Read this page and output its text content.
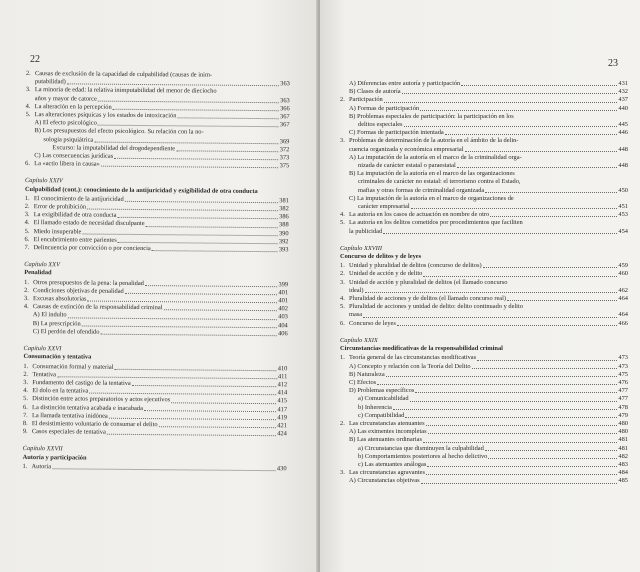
22
2. Causas de exclusión de la capacidad de culpabilidad (causas de inim-
putabilidad)	363
3. La minoría de edad: la relativa inimputabilidad del menor de dieciocho
años y mayor de catorce	363
4. La alteración en la percepción	366
5. Las alteraciones psíquicas y los estados de intoxicación	367
A) El efecto psicológico	367
B) Los presupuestos del efecto psicológico. Su relación con la no-
sología psiquiátrica	369
Excurso: la imputabilidad del drogodependiente	372
C) Las consecuencias jurídicas	373
6. La «actio libera in causa»	375
Capítulo XXIV
Culpabilidad (cont.): conocimiento de la antijuricidad y exigibilidad de otra conducta
1. El conocimiento de la antijuricidad	381
2. Error de prohibición	382
3. La exigibilidad de otra conducta	386
4. El llamado estado de necesidad disculpante	388
5. Miedo insuperable	390
6. El encubrimiento entre parientes	392
7. Delincuencia por convicción o por conciencia	393
Capítulo XXV
Penalidad
1. Otros presupuestos de la pena: la penalidad	399
2. Condiciones objetivas de penalidad	401
3. Excusas absolutorias	401
4. Causas de extinción de la responsabilidad criminal	402
A) El indulto	403
B) La prescripción	404
C) El perdón del ofendido	406
Capítulo XXVI
Consumación y tentativa
1. Consumación formal y material	410
2. Tentativa	411
3. Fundamento del castigo de la tentativa	412
4. El dolo en la tentativa	414
5. Distinción entre actos preparatorios y actos ejecutivos	415
6. La distinción tentativa acabada e inacabada	417
7. La llamada tentativa inidónea	419
8. El desistimiento voluntario de consumar el delito	421
9. Casos especiales de tentativa	424
Capítulo XXVII
Autoría y participación
1. Autoría	430
23
A) Diferencias entre autoría y participación	431
B) Clases de autoría	432
2. Participación	437
A) Formas de participación	440
B) Problemas especiales de participación: la participación en los
delitos especiales	445
C) Formas de participación intentada	446
3. Problemas de determinación de la autoría en el ámbito de la delin-
cuencia organizada y económica empresarial	448
A) La imputación de la autoría en el marco de la criminalidad orga-
nizada de carácter estatal o paraestatal	448
B) La imputación de la autoría en el marco de las organizaciones
criminales de carácter no estatal: el terrorismo contra el Estado,
mafias y otras formas de criminalidad organizada	450
C) La imputación de la autoría en el marco de organizaciones de
carácter empresarial	451
4. La autoría en los casos de actuación en nombre de otro	453
5. La autoría en los delitos cometidos por procedimientos que faciliten
la publicidad	454
Capítulo XXVIII
Concurso de delitos y de leyes
1. Unidad y pluralidad de delitos (concurso de delitos)	459
2. Unidad de acción y de delito	460
3. Unidad de acción y pluralidad de delitos (el llamado concurso
ideal)	462
4. Pluralidad de acciones y de delitos (el llamado concurso real)	464
5. Pluralidad de acciones y unidad de delito: delito continuado y delito
masa	464
6. Concurso de leyes	466
Capítulo XXIX
Circunstancias modificativas de la responsabilidad criminal
1. Teoría general de las circunstancias modificativas	473
A) Concepto y relación con la Teoría del Delito	473
B) Naturaleza	475
C) Efectos	476
D) Problemas específicos	477
a) Comunicabilidad	477
b) Inherencia	478
c) Compatibilidad	479
2. Las circunstancias atenuantes	480
A) Las eximentes incompletas	480
B) Las atenuantes ordinarias	481
a) Circunstancias que disminuyen la culpabilidad	481
b) Comportamientos posteriores al hecho delictivo	482
c) Las atenuantes análogas	483
3. Las circunstancias agravantes	484
A) Circunstancias objetivas	485
